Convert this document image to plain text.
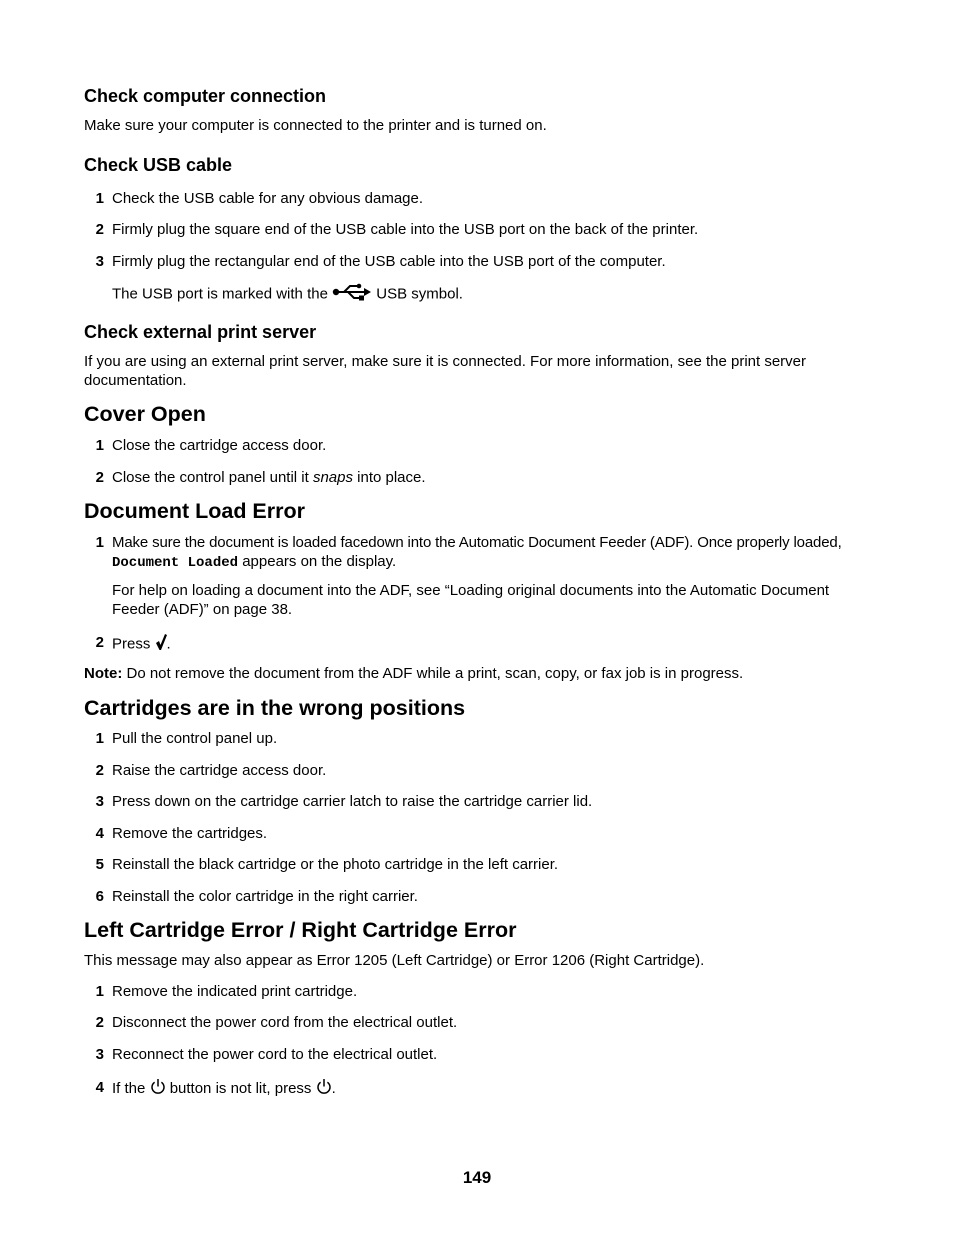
Check computer connection
Make sure your computer is connected to the printer and is turned on.
Check USB cable
1 Check the USB cable for any obvious damage.
2 Firmly plug the square end of the USB cable into the USB port on the back of the printer.
3 Firmly plug the rectangular end of the USB cable into the USB port of the computer.
The USB port is marked with the	USB symbol.
Check external print server
If you are using an external print server, make sure it is connected. For more information, see the print server
documentation.
Cover Open
1 Close the cartridge access door.
2 Close the control panel until it snaps into place.
Document Load Error
1 Make sure the document is loaded facedown into the Automatic Document Feeder (ADF). Once properly loaded,
Document Loaded appears on the display.
For help on loading a document into the ADF, see “Loading original documents into the Automatic Document
Feeder (ADF)” on page 38.
2 Press .
Note: Do not remove the document from the ADF while a print, scan, copy, or fax job is in progress.
Cartridges are in the wrong positions
1 Pull the control panel up.
2 Raise the cartridge access door.
3 Press down on the cartridge carrier latch to raise the cartridge carrier lid.
4 Remove the cartridges.
5 Reinstall the black cartridge or the photo cartridge in the left carrier.
6 Reinstall the color cartridge in the right carrier.
Left Cartridge Error / Right Cartridge Error
This message may also appear as Error 1205 (Left Cartridge) or Error 1206 (Right Cartridge).
1 Remove the indicated print cartridge.
2 Disconnect the power cord from the electrical outlet.
3 Reconnect the power cord to the electrical outlet.
4 If the  button is not lit, press .
149
